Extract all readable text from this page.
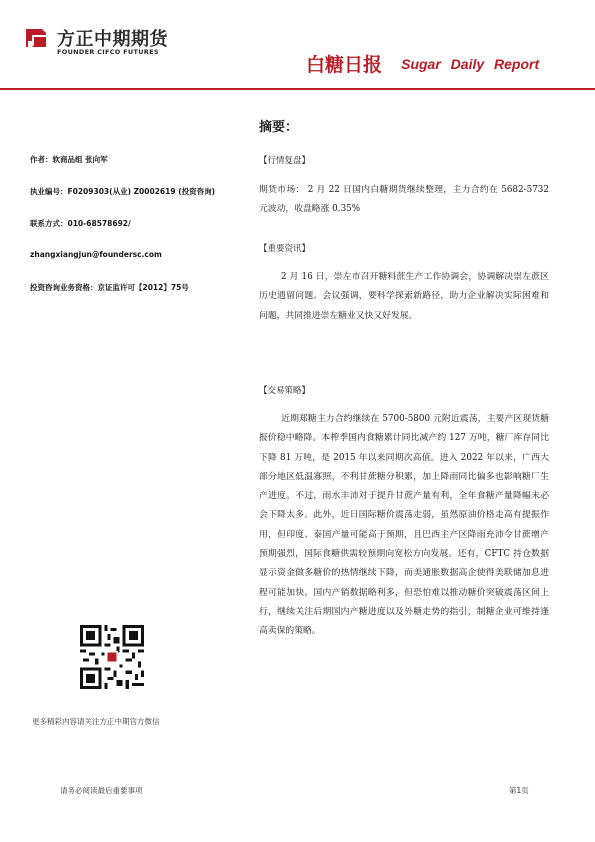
方正中期期货
FOUNDER CIFCO FUTURES
白糖日报 Sugar Daily Report
作者：软商品组 张向军
执业编号：F0209303(从业) Z0002619 (投资咨询)
联系方式：010-68578692/
zhangxiangjun@foundersc.com
投资咨询业务资格：京证监许可【2012】75号
更多精彩内容请关注方正中期官方微信
摘要：
【行情复盘】
期货市场： 2 月 22 日国内白糖期货继续整理，主力合约在 5682-5732 元波动，收盘略涨 0.35%
【重要资讯】
2 月 16 日，崇左市召开糖料蔗生产工作协调会，协调解决崇左蔗区历史遗留问题。会议强调，要科学探索新路径，助力企业解决实际困难和问题，共同推进崇左糖业又快又好发展。
【交易策略】
近期郑糖主力合约继续在 5700-5800 元附近震荡，主要产区现货糖报价稳中略降。本榨季国内食糖累计同比减产约 127 万吨，糖厂库存同比下降 81 万吨，是 2015 年以来同期次高值。进入 2022 年以来，广西大部分地区低温寡照，不利甘蔗糖分积累，加上降雨同比偏多也影响糖厂生产进度。不过，雨水丰沛对于提升甘蔗产量有利，全年食糖产量降幅未必会下降太多。此外，近日国际糖价震荡走弱，虽然原油价格走高有提振作用，但印度、泰国产量可能高于预期，且巴西主产区降雨充沛令甘蔗增产预期强烈，国际食糖供需较预期向宽松方向发展。还有，CFTC 持仓数据显示资金做多糖价的热情继续下降，而美通胀数据高企使得美联储加息进程可能加快。国内产销数据略利多，但恐怕难以推动糖价突破震荡区间上行，继续关注后期国内产糖进度以及外糖走势的指引，制糖企业可维持逢高卖保的策略。
请务必阅读最后重要事项	第1页
